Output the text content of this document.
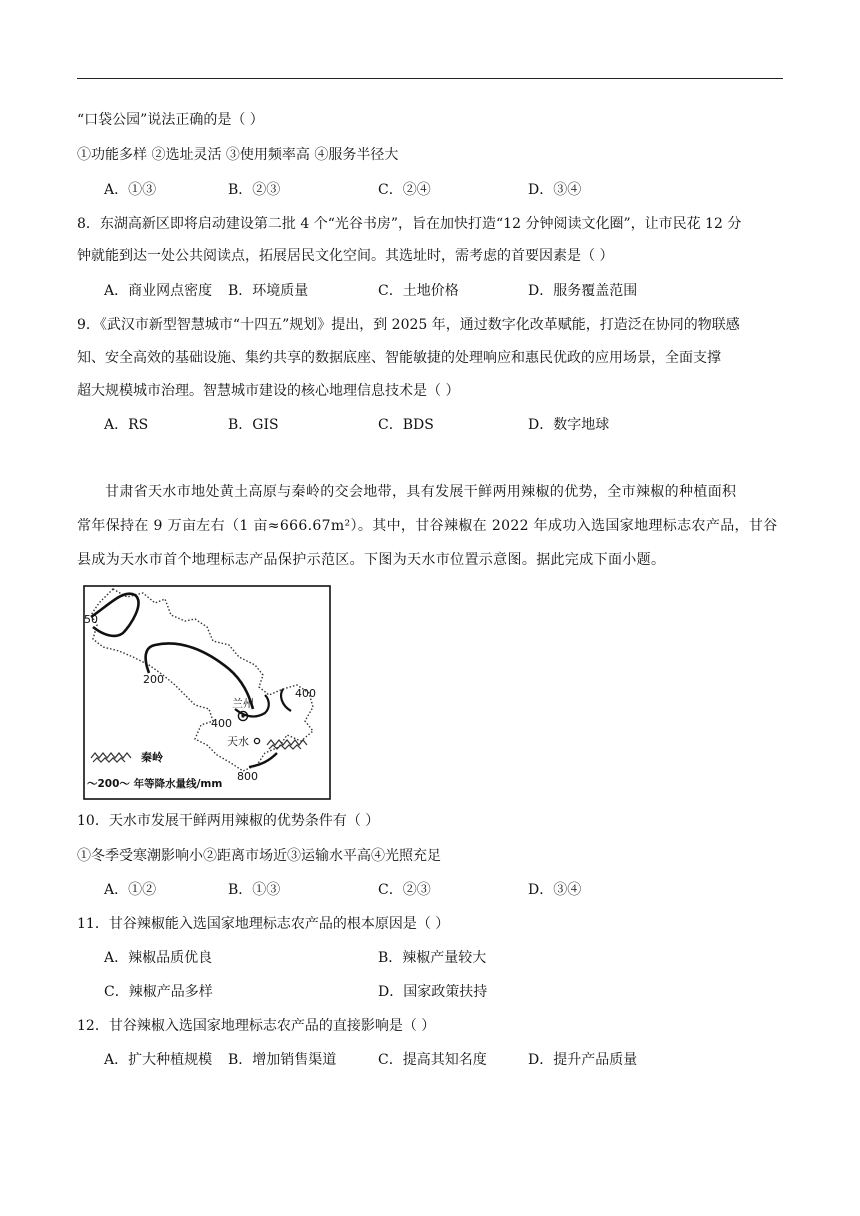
“口袋公园”说法正确的是（ ）
①功能多样 ②选址灵活 ③使用频率高 ④服务半径大
A．①③	B．②③	C．②④	D．③④
8．东湖高新区即将启动建设第二批 4 个“光谷书房”，旨在加快打造“12 分钟阅读文化圈”，让市民花 12 分
钟就能到达一处公共阅读点，拓展居民文化空间。其选址时，需考虑的首要因素是（ ）
A．商业网点密度 B．环境质量	C．土地价格	D．服务覆盖范围
9．《武汉市新型智慧城市“十四五”规划》提出，到 2025 年，通过数字化改革赋能，打造泛在协同的物联感
知、安全高效的基础设施、集约共享的数据底座、智能敏捷的处理响应和惠民优政的应用场景，全面支撑
超大规模城市治理。智慧城市建设的核心地理信息技术是（ ）
A．RS	B．GIS	C．BDS	D．数字地球

甘肃省天水市地处黄土高原与秦岭的交会地带，具有发展干鲜两用辣椒的优势，全市辣椒的种植面积

常年保持在 9 万亩左右（1 亩≈666.67m²）。其中，甘谷辣椒在 2022 年成功入选国家地理标志农产品，甘谷

县成为天水市首个地理标志产品保护示范区。下图为天水市位置示意图。据此完成下面小题。

50
200
400
400
800
兰州
天水
秦岭
～200～ 年等降水量线/mm
10．天水市发展干鲜两用辣椒的优势条件有（ ）
①冬季受寒潮影响小②距离市场近③运输水平高④光照充足
A．①②	B．①③	C．②③	D．③④
11．甘谷辣椒能入选国家地理标志农产品的根本原因是（ ）
A．辣椒品质优良	B．辣椒产量较大
C．辣椒产品多样	D．国家政策扶持
12．甘谷辣椒入选国家地理标志农产品的直接影响是（ ）
A．扩大种植规模 B．增加销售渠道	C．提高其知名度	D．提升产品质量
